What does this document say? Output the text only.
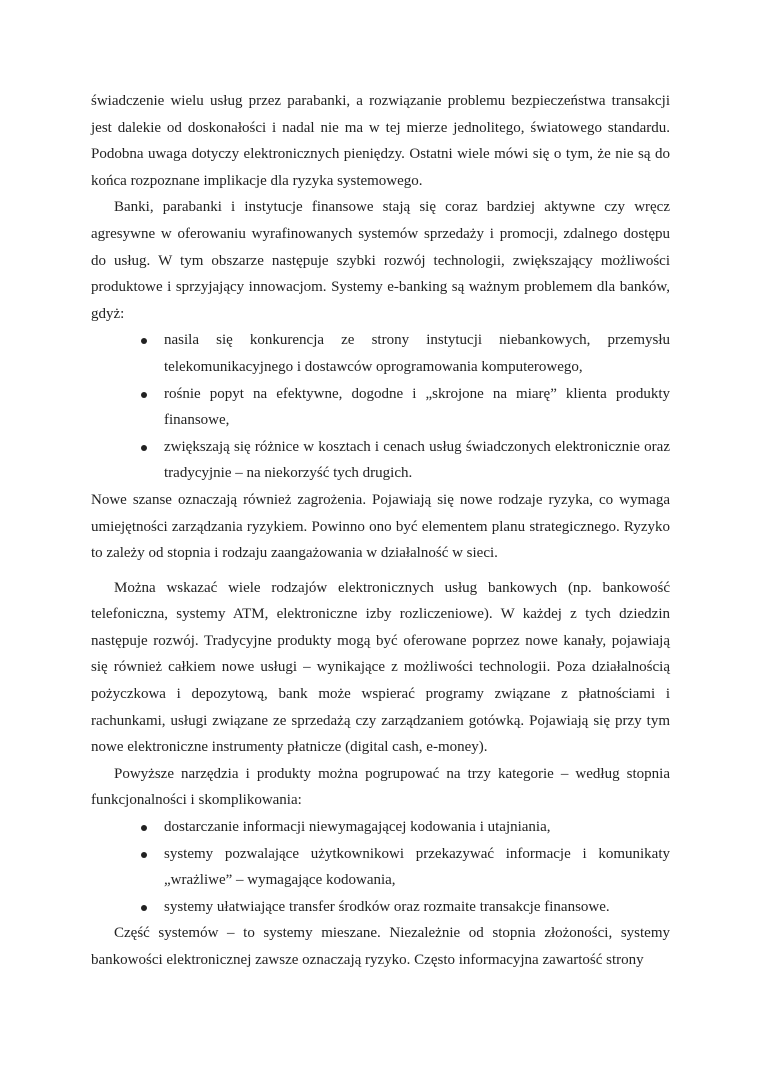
świadczenie wielu usług przez parabanki, a rozwiązanie problemu bezpieczeństwa transakcji jest dalekie od doskonałości i nadal nie ma w tej mierze jednolitego, światowego standardu. Podobna uwaga dotyczy elektronicznych pieniędzy. Ostatni wiele mówi się o tym, że nie są do końca rozpoznane implikacje dla ryzyka systemowego.

Banki, parabanki i instytucje finansowe stają się coraz bardziej aktywne czy wręcz agresywne w oferowaniu wyrafinowanych systemów sprzedaży i promocji, zdalnego dostępu do usług. W tym obszarze następuje szybki rozwój technologii, zwiększający możliwości produktowe i sprzyjający innowacjom. Systemy e-banking są ważnym problemem dla banków, gdyż:

nasila się konkurencja ze strony instytucji niebankowych, przemysłu telekomunikacyjnego i dostawców oprogramowania komputerowego,
rośnie popyt na efektywne, dogodne i „skrojone na miarę” klienta produkty finansowe,
zwiększają się różnice w kosztach i cenach usług świadczonych elektronicznie oraz tradycyjnie – na niekorzyść tych drugich.

Nowe szanse oznaczają również zagrożenia. Pojawiają się nowe rodzaje ryzyka, co wymaga umiejętności zarządzania ryzykiem. Powinno ono być elementem planu strategicznego. Ryzyko to zależy od stopnia i rodzaju zaangażowania w działalność w sieci.

Można wskazać wiele rodzajów elektronicznych usług bankowych (np. bankowość telefoniczna, systemy ATM, elektroniczne izby rozliczeniowe). W każdej z tych dziedzin następuje rozwój. Tradycyjne produkty mogą być oferowane poprzez nowe kanały, pojawiają się również całkiem nowe usługi – wynikające z możliwości technologii. Poza działalnością pożyczkowa i depozytową, bank może wspierać programy związane z płatnościami i rachunkami, usługi związane ze sprzedażą czy zarządzaniem gotówką. Pojawiają się przy tym nowe elektroniczne instrumenty płatnicze (digital cash, e-money).

Powyższe narzędzia i produkty można pogrupować na trzy kategorie – według stopnia funkcjonalności i skomplikowania:

dostarczanie informacji niewymagającej kodowania i utajniania,
systemy pozwalające użytkownikowi przekazywać informacje i komunikaty „wrażliwe” – wymagające kodowania,
systemy ułatwiające transfer środków oraz rozmaite transakcje finansowe.

Część systemów – to systemy mieszane. Niezależnie od stopnia złożoności, systemy bankowości elektronicznej zawsze oznaczają ryzyko. Często informacyjna zawartość strony
